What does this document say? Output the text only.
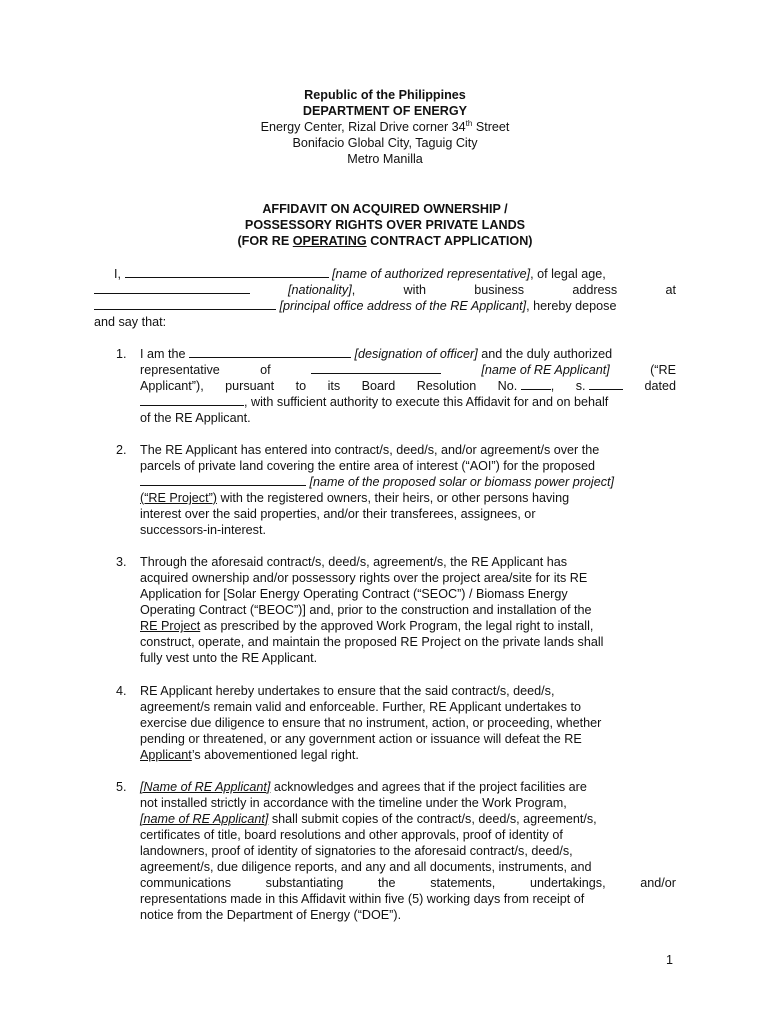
Republic of the Philippines
DEPARTMENT OF ENERGY
Energy Center, Rizal Drive corner 34th Street
Bonifacio Global City, Taguig City
Metro Manilla
AFFIDAVIT ON ACQUIRED OWNERSHIP /
POSSESSORY RIGHTS OVER PRIVATE LANDS
(FOR RE OPERATING CONTRACT APPLICATION)
I,	[name of authorized representative], of legal age,
[nationality],	with	business	address	at
[principal office address of the RE Applicant], hereby depose
and say that:
1.	I am the	[designation of officer] and the duly authorized
representative	of	[name of RE Applicant]	(“RE
Applicant”), pursuant to its Board Resolution No.	, s.	dated
, with sufficient authority to execute this Affidavit for and on behalf
of the RE Applicant.
2.	The RE Applicant has entered into contract/s, deed/s, and/or agreement/s over the
parcels of private land covering the entire area of interest (“AOI”) for the proposed
[name of the proposed solar or biomass power project]
(“RE Project”) with the registered owners, their heirs, or other persons having
interest over the said properties, and/or their transferees, assignees, or
successors-in-interest.
3.	Through the aforesaid contract/s, deed/s, agreement/s, the RE Applicant has
acquired ownership and/or possessory rights over the project area/site for its RE
Application for [Solar Energy Operating Contract (“SEOC”) / Biomass Energy
Operating Contract (“BEOC”)] and, prior to the construction and installation of the
RE Project as prescribed by the approved Work Program, the legal right to install,
construct, operate, and maintain the proposed RE Project on the private lands shall
fully vest unto the RE Applicant.
4.	RE Applicant hereby undertakes to ensure that the said contract/s, deed/s,
agreement/s remain valid and enforceable. Further, RE Applicant undertakes to
exercise due diligence to ensure that no instrument, action, or proceeding, whether
pending or threatened, or any government action or issuance will defeat the RE
Applicant’s abovementioned legal right.
5.	[Name of RE Applicant] acknowledges and agrees that if the project facilities are
not installed strictly in accordance with the timeline under the Work Program,
[name of RE Applicant] shall submit copies of the contract/s, deed/s, agreement/s,
certificates of title, board resolutions and other approvals, proof of identity of
landowners, proof of identity of signatories to the aforesaid contract/s, deed/s,
agreement/s, due diligence reports, and any and all documents, instruments, and
communications	substantiating	the	statements,	undertakings,	and/or
representations made in this Affidavit within five (5) working days from receipt of
notice from the Department of Energy (“DOE”).
1
